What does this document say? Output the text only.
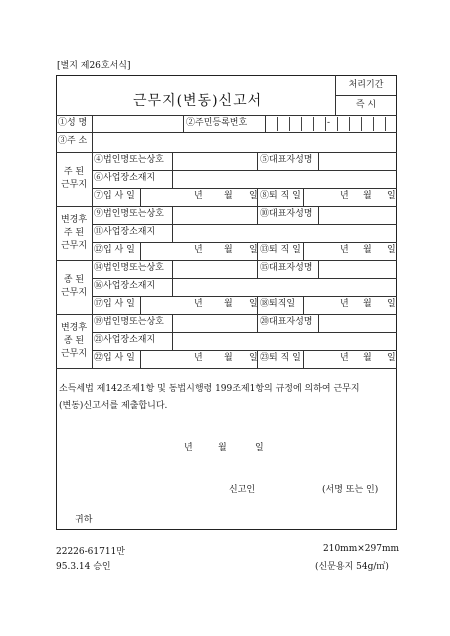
[별지 제26호서식]
근무지(변동)신고서
처리기간
즉 시
①성 명	②주민등록번호	-
③주 소
주 된
근무지
④법인명또는상호	⑤대표자성명
⑥사업장소재지
⑦입 사 일	년 월 일 ⑧퇴 직 일	년 월 일
변경후
주 된
근무지
⑨법인명또는상호	⑩대표자성명
⑪사업장소재지
⑫입 사 일	년 월 일 ⑬퇴 직 일	년 월 일
종 된
근무지
⑭법인명또는상호	⑮대표자성명
⑯사업장소재지
⑰입 사 일	년 월 일 ⑱퇴직일	년 월 일
변경후
종 된
근무지
⑲법인명또는상호	⑳대표자성명
㉑사업장소재지
㉒입 사 일	년 월 일 ㉓퇴 직 일	년 월 일
소득세법 제142조제1항 및 동법시행령 199조제1항의 규정에 의하여 근무지
(변동)신고서를 제출합니다.
년	월	일
신고인	(서명 또는 인)
귀하
22226-61711만
95.3.14 승인
210mm×297mm
(신문용지 54g/㎡)
